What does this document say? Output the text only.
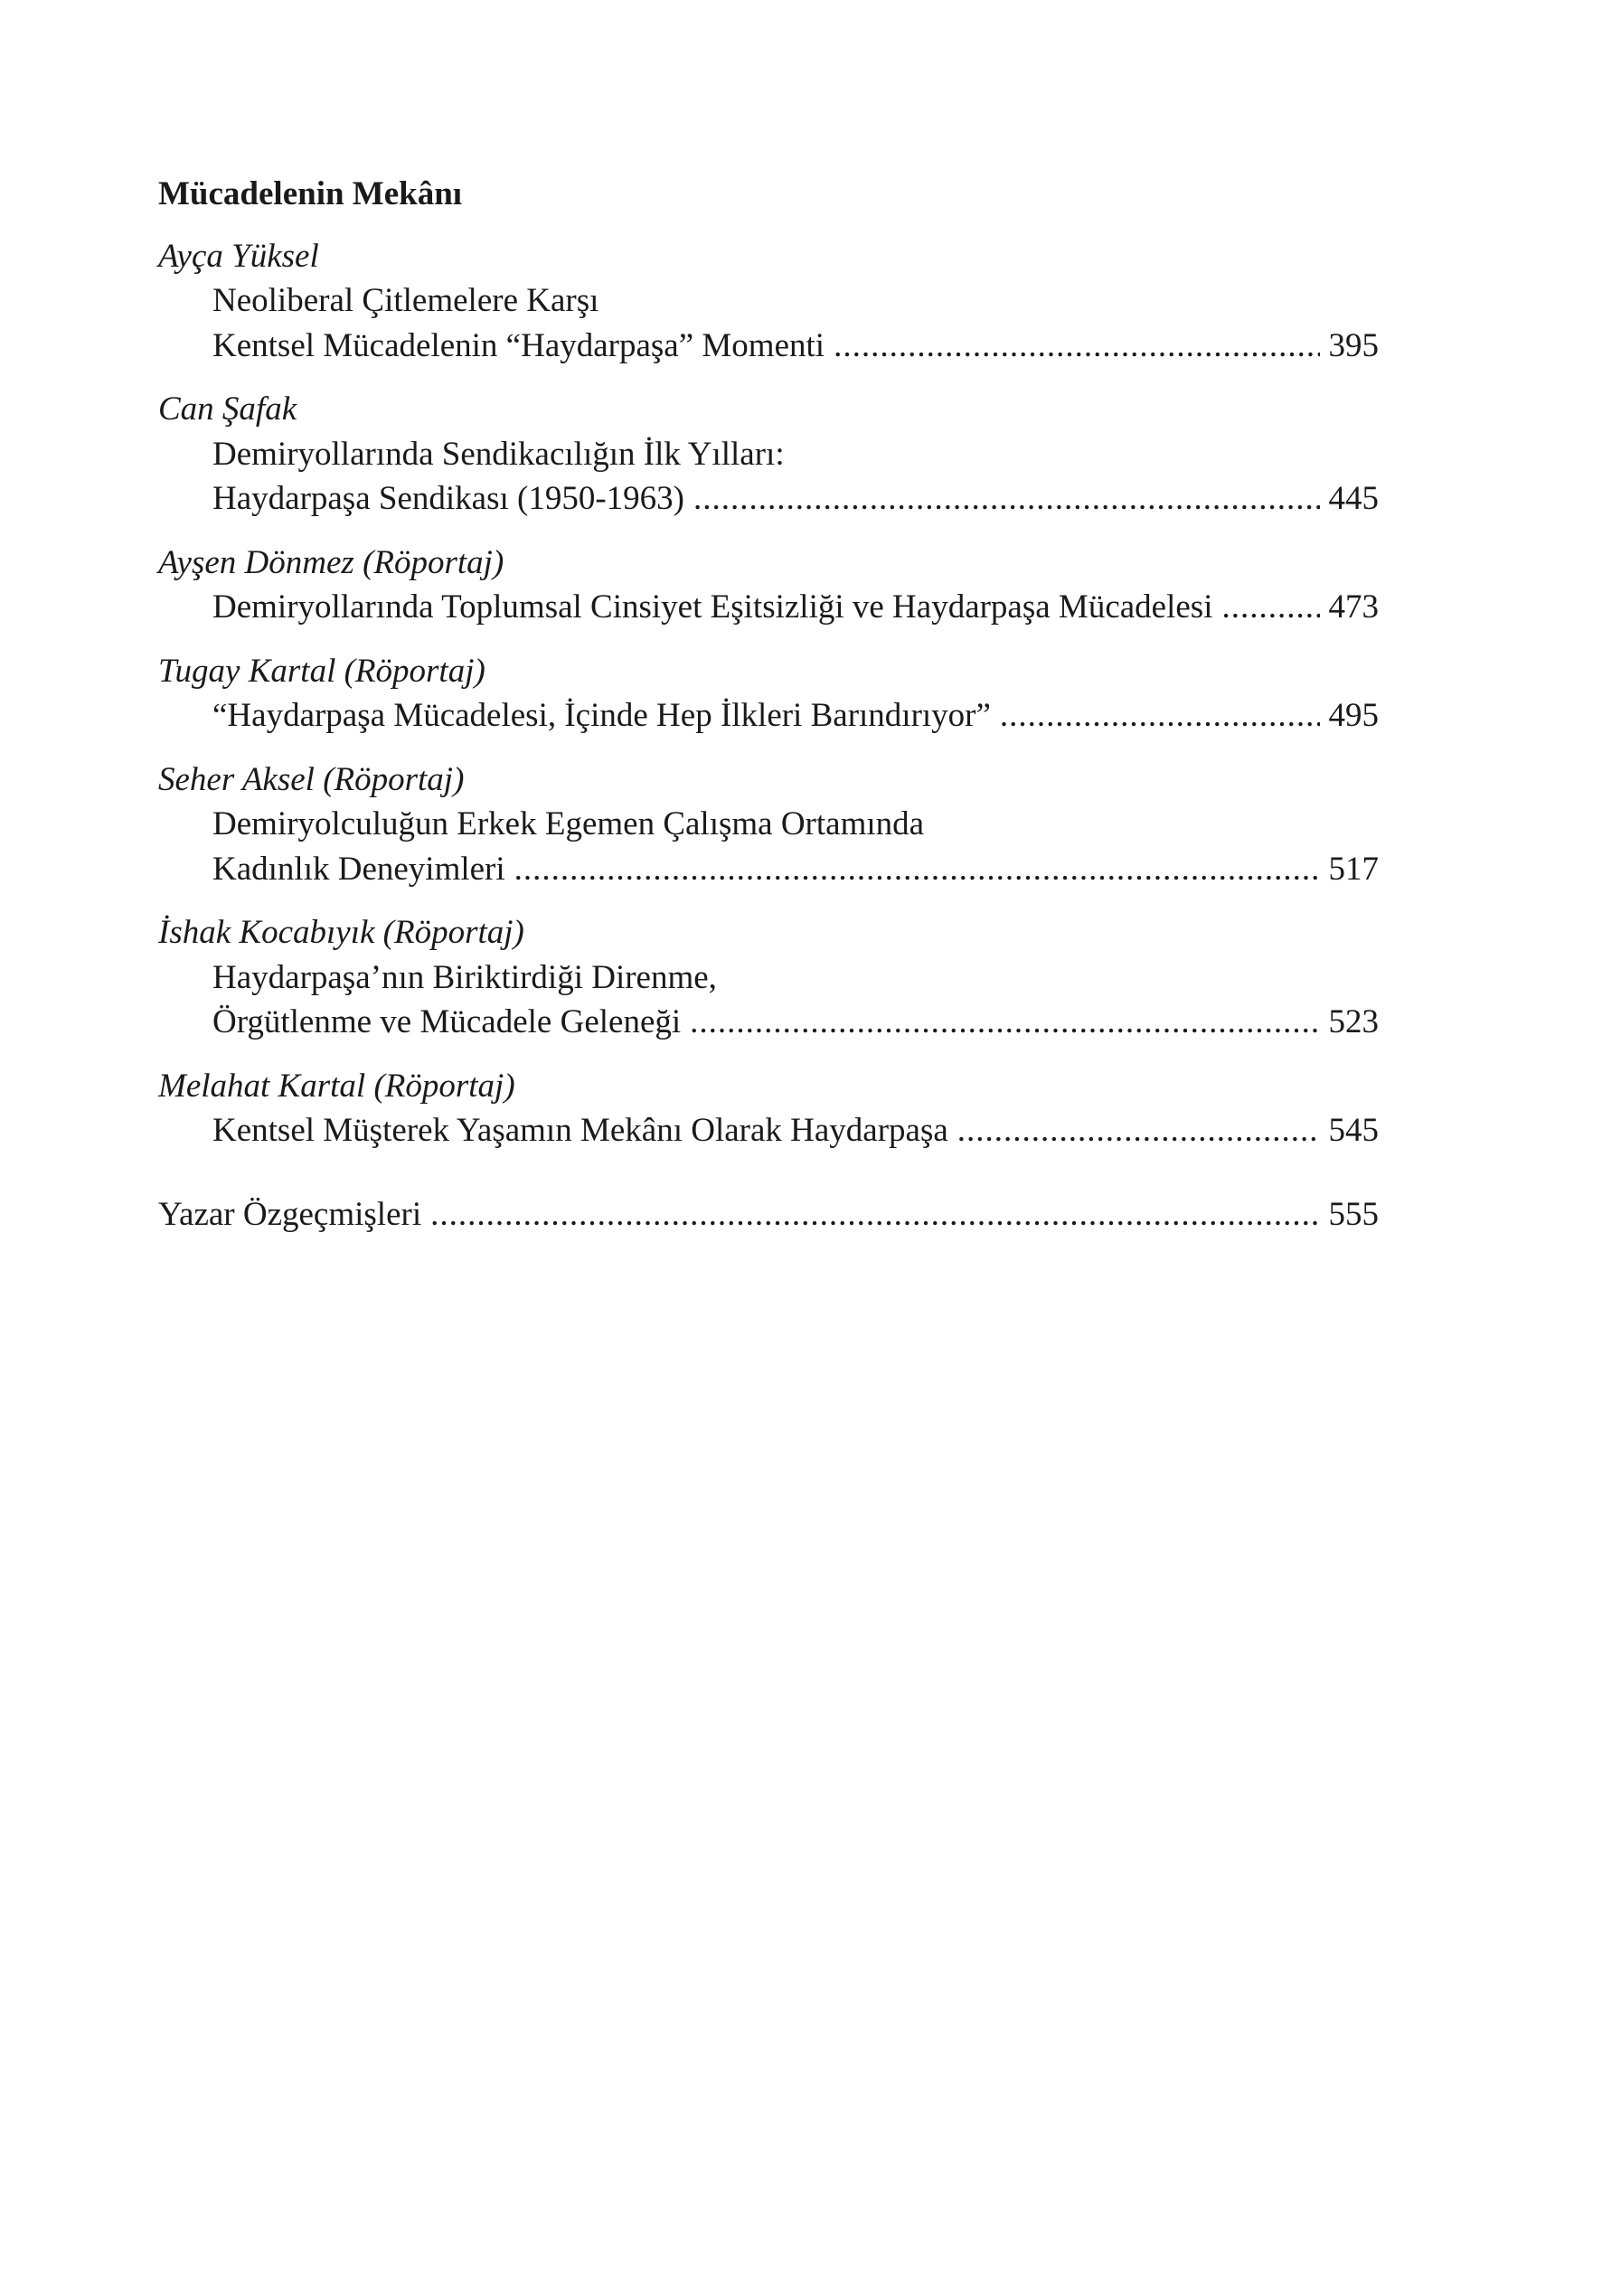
Mücadelenin Mekânı
Ayça Yüksel
Neoliberal Çitlemelere Karşı
Kentsel Mücadelenin “Haydarpaşa” Momenti .....	395
Can Şafak
Demiryollarında Sendikacılığın İlk Yılları:
Haydarpaşa Sendikası (1950-1963) .....	445
Ayşen Dönmez (Röportaj)
Demiryollarında Toplumsal Cinsiyet Eşitsizliği ve Haydarpaşa Mücadelesi .....	473
Tugay Kartal (Röportaj)
“Haydarpaşa Mücadelesi, İçinde Hep İlkleri Barındırıyor” .....	495
Seher Aksel (Röportaj)
Demiryolculuğun Erkek Egemen Çalışma Ortamında
Kadınlık Deneyimleri .....	517
İshak Kocabıyık (Röportaj)
Haydarpaşa’nın Biriktirdiği Direnme,
Örgütlenme ve Mücadele Geleneği .....	523
Melahat Kartal (Röportaj)
Kentsel Müşterek Yaşamın Mekânı Olarak Haydarpaşa .....	545
Yazar Özgeçmişleri .....	555
